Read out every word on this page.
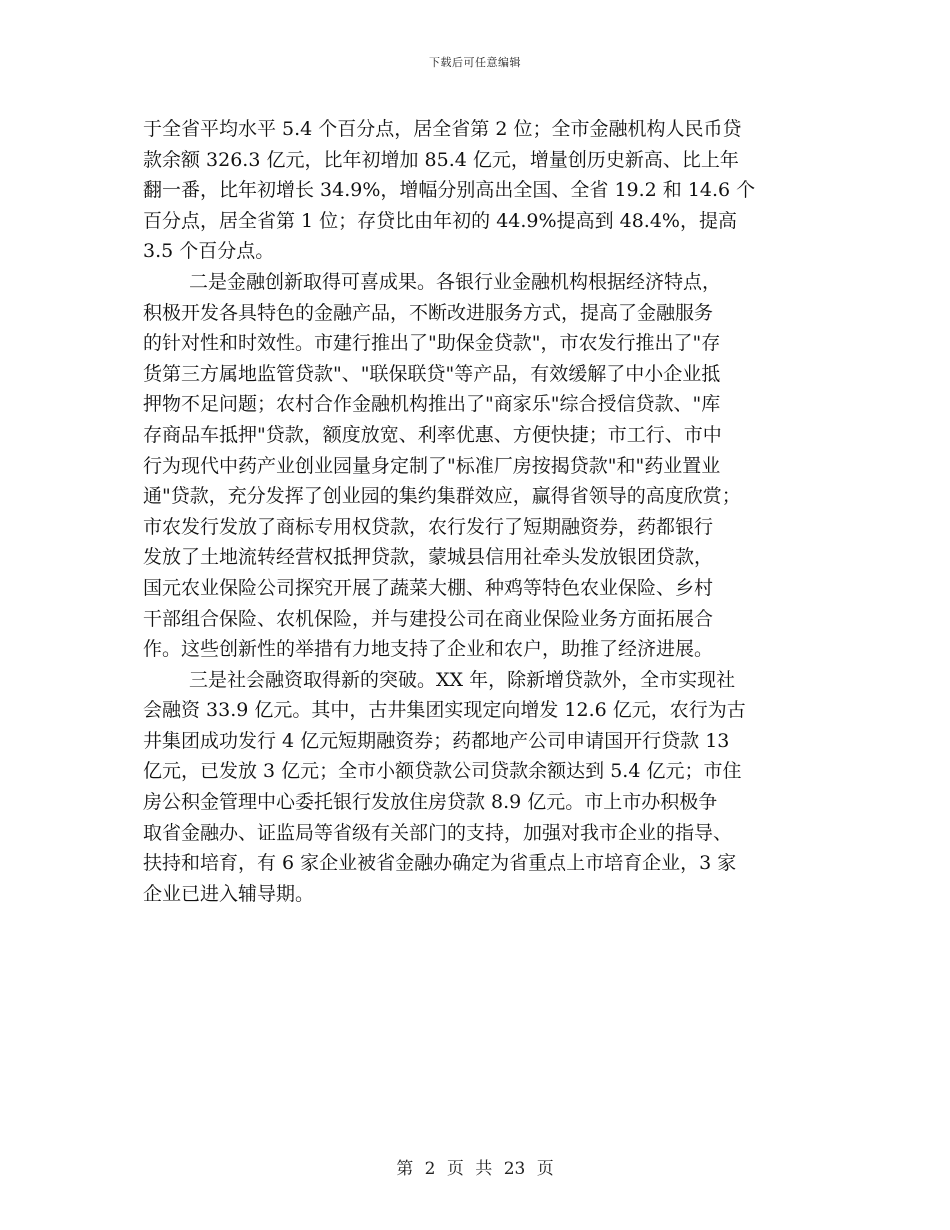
下载后可任意编辑
于全省平均水平 5.4 个百分点，居全省第 2 位；全市金融机构人民币贷
款余额 326.3 亿元，比年初增加 85.4 亿元，增量创历史新高、比上年
翻一番，比年初增长 34.9%，增幅分别高出全国、全省 19.2 和 14.6 个
百分点，居全省第 1 位；存贷比由年初的 44.9%提高到 48.4%，提高
3.5 个百分点。
二是金融创新取得可喜成果。各银行业金融机构根据经济特点，
积极开发各具特色的金融产品，不断改进服务方式，提高了金融服务
的针对性和时效性。市建行推出了"助保金贷款"，市农发行推出了"存
货第三方属地监管贷款"、"联保联贷"等产品，有效缓解了中小企业抵
押物不足问题；农村合作金融机构推出了"商家乐"综合授信贷款、"库
存商品车抵押"贷款，额度放宽、利率优惠、方便快捷；市工行、市中
行为现代中药产业创业园量身定制了"标准厂房按揭贷款"和"药业置业
通"贷款，充分发挥了创业园的集约集群效应，赢得省领导的高度欣赏；
市农发行发放了商标专用权贷款，农行发行了短期融资券，药都银行
发放了土地流转经营权抵押贷款，蒙城县信用社牵头发放银团贷款，
国元农业保险公司探究开展了蔬菜大棚、种鸡等特色农业保险、乡村
干部组合保险、农机保险，并与建投公司在商业保险业务方面拓展合
作。这些创新性的举措有力地支持了企业和农户，助推了经济进展。
三是社会融资取得新的突破。XX 年，除新增贷款外，全市实现社
会融资 33.9 亿元。其中，古井集团实现定向增发 12.6 亿元，农行为古
井集团成功发行 4 亿元短期融资券；药都地产公司申请国开行贷款 13
亿元，已发放 3 亿元；全市小额贷款公司贷款余额达到 5.4 亿元；市住
房公积金管理中心委托银行发放住房贷款 8.9 亿元。市上市办积极争
取省金融办、证监局等省级有关部门的支持，加强对我市企业的指导、
扶持和培育，有 6 家企业被省金融办确定为省重点上市培育企业，3 家
企业已进入辅导期。
第 2 页 共 23 页
